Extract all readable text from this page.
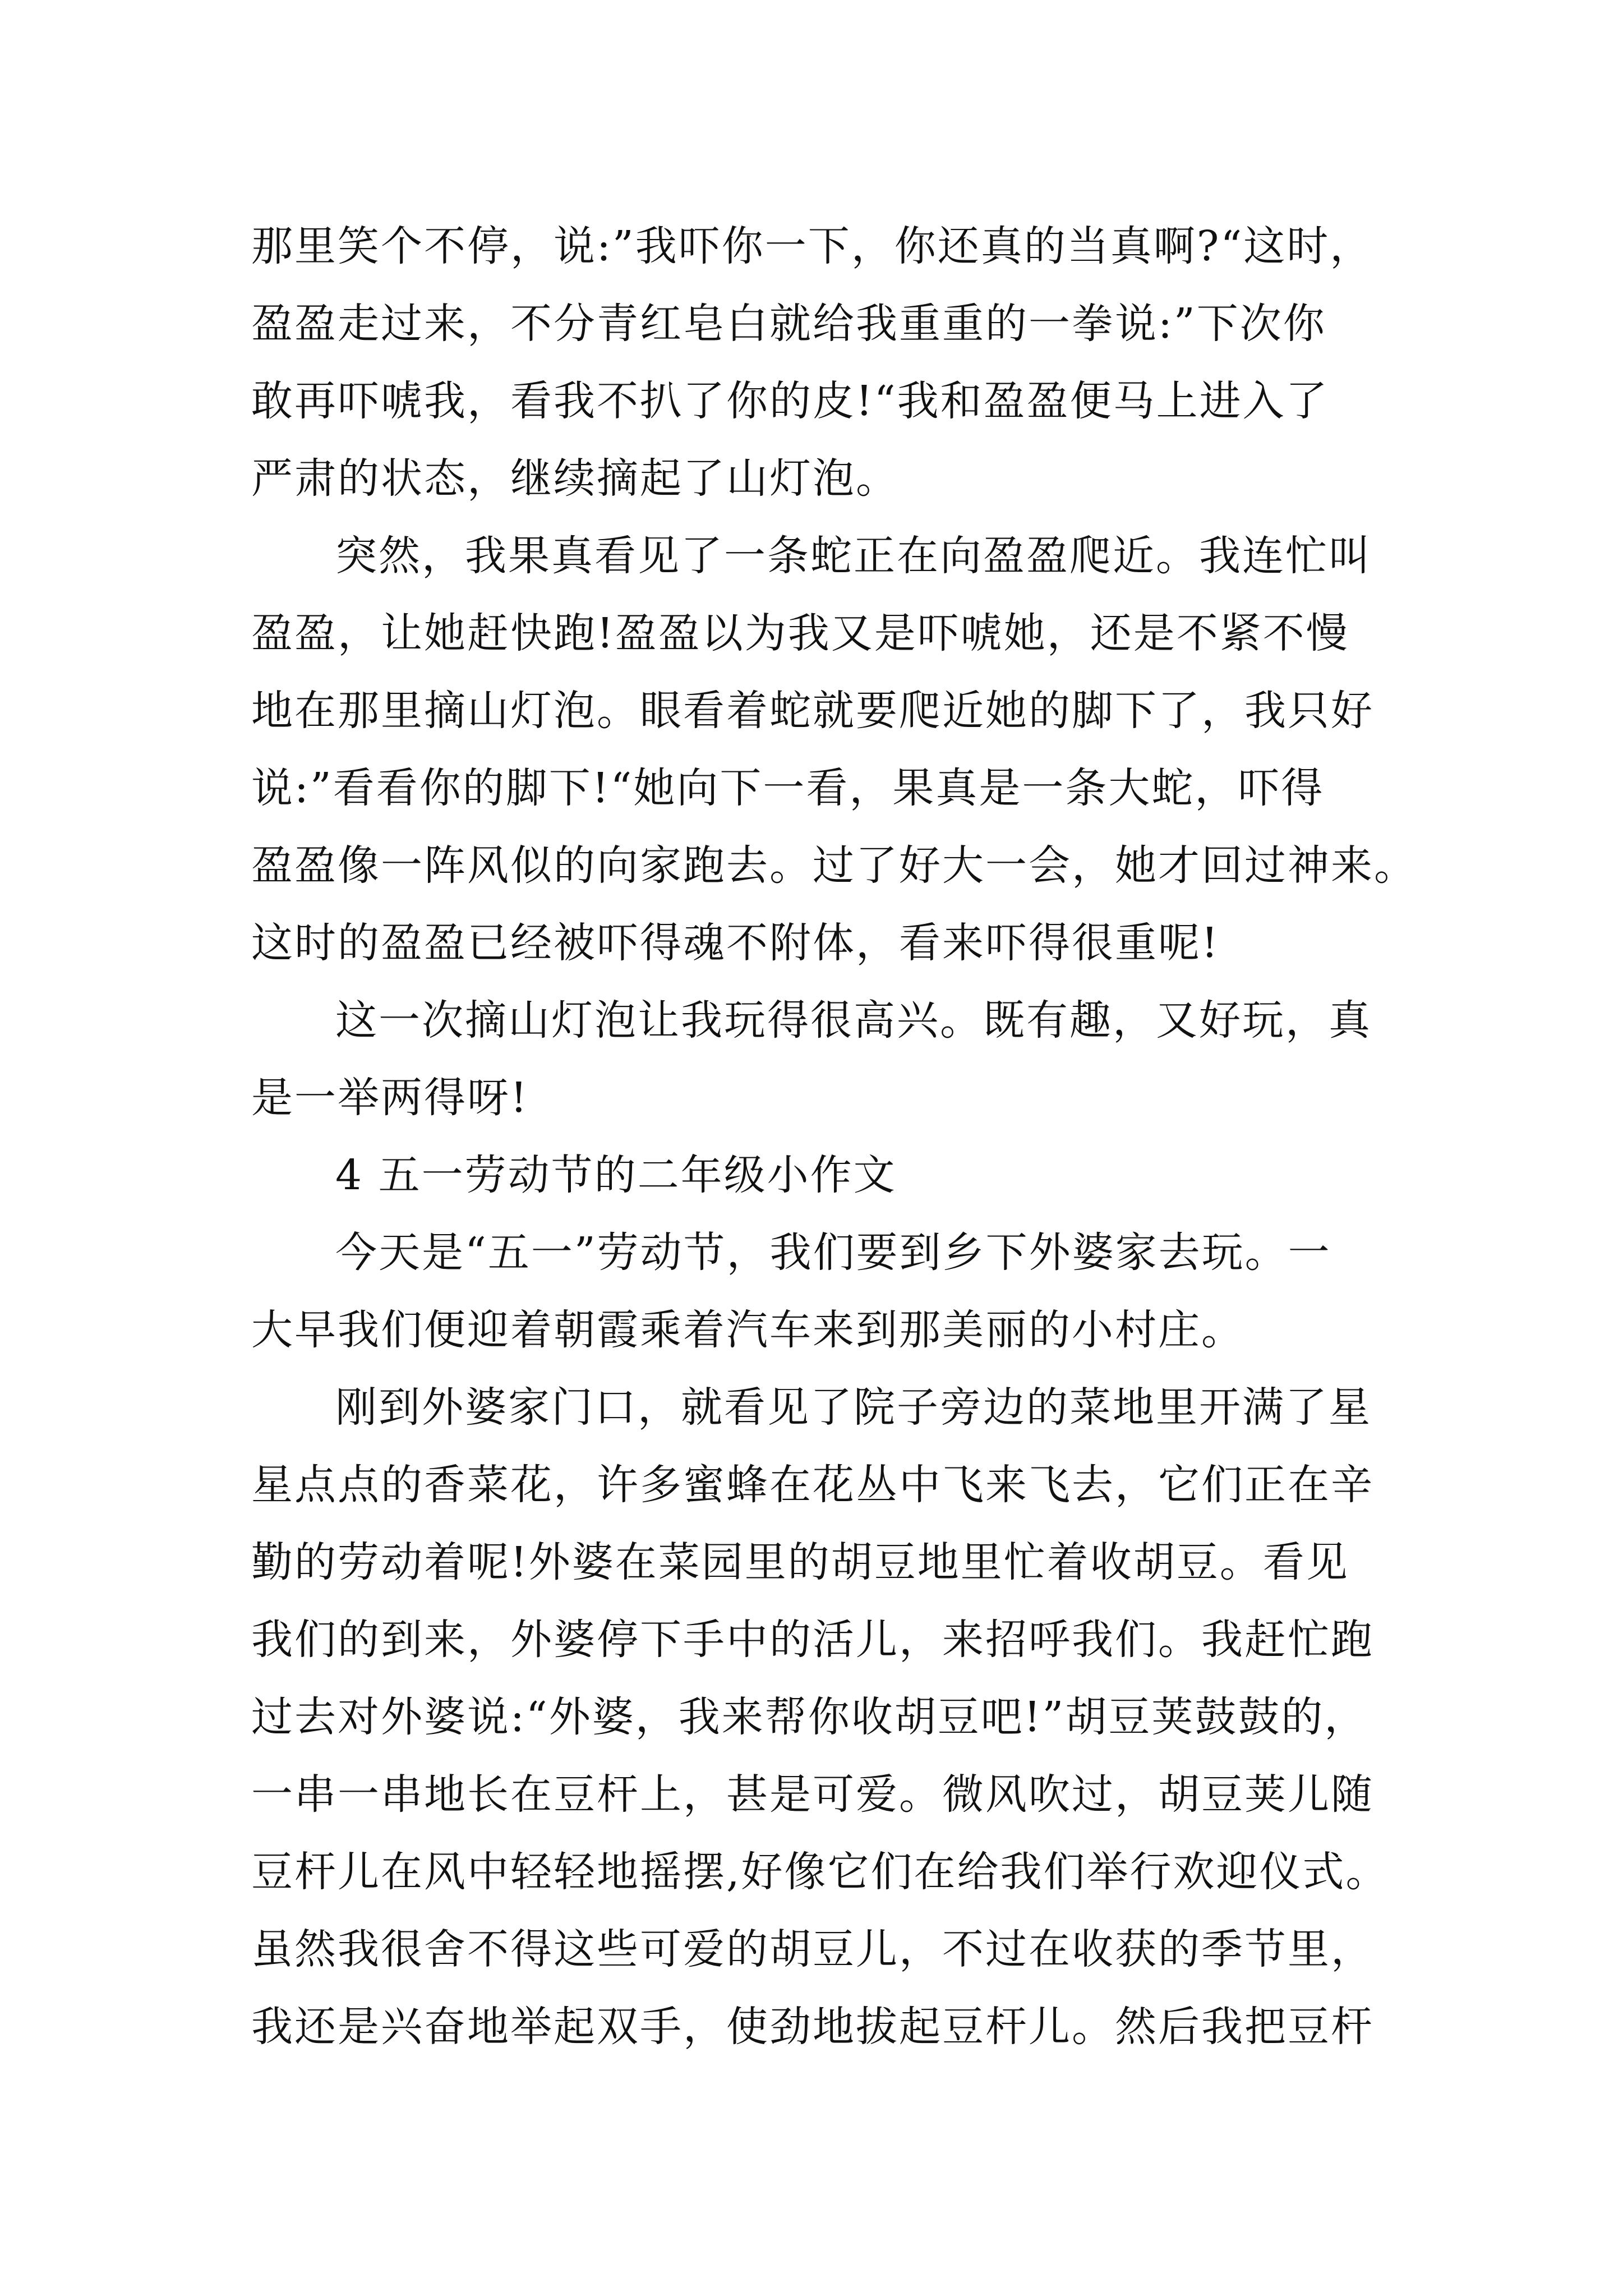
那里笑个不停，说:”我吓你一下，你还真的当真啊?“这时，
盈盈走过来，不分青红皂白就给我重重的一拳说:”下次你
敢再吓唬我，看我不扒了你的皮!“我和盈盈便马上进入了
严肃的状态，继续摘起了山灯泡。
突然，我果真看见了一条蛇正在向盈盈爬近。我连忙叫
盈盈，让她赶快跑!盈盈以为我又是吓唬她，还是不紧不慢
地在那里摘山灯泡。眼看着蛇就要爬近她的脚下了，我只好
说:”看看你的脚下!“她向下一看，果真是一条大蛇，吓得
盈盈像一阵风似的向家跑去。过了好大一会，她才回过神来。
这时的盈盈已经被吓得魂不附体，看来吓得很重呢!
这一次摘山灯泡让我玩得很高兴。既有趣，又好玩，真
是一举两得呀!
4 五一劳动节的二年级小作文
今天是“五一”劳动节，我们要到乡下外婆家去玩。一
大早我们便迎着朝霞乘着汽车来到那美丽的小村庄。
刚到外婆家门口，就看见了院子旁边的菜地里开满了星
星点点的香菜花，许多蜜蜂在花丛中飞来飞去，它们正在辛
勤的劳动着呢!外婆在菜园里的胡豆地里忙着收胡豆。看见
我们的到来，外婆停下手中的活儿，来招呼我们。我赶忙跑
过去对外婆说:“外婆，我来帮你收胡豆吧!”胡豆荚鼓鼓的，
一串一串地长在豆杆上，甚是可爱。微风吹过，胡豆荚儿随
豆杆儿在风中轻轻地摇摆,好像它们在给我们举行欢迎仪式。
虽然我很舍不得这些可爱的胡豆儿，不过在收获的季节里，
我还是兴奋地举起双手，使劲地拔起豆杆儿。然后我把豆杆
